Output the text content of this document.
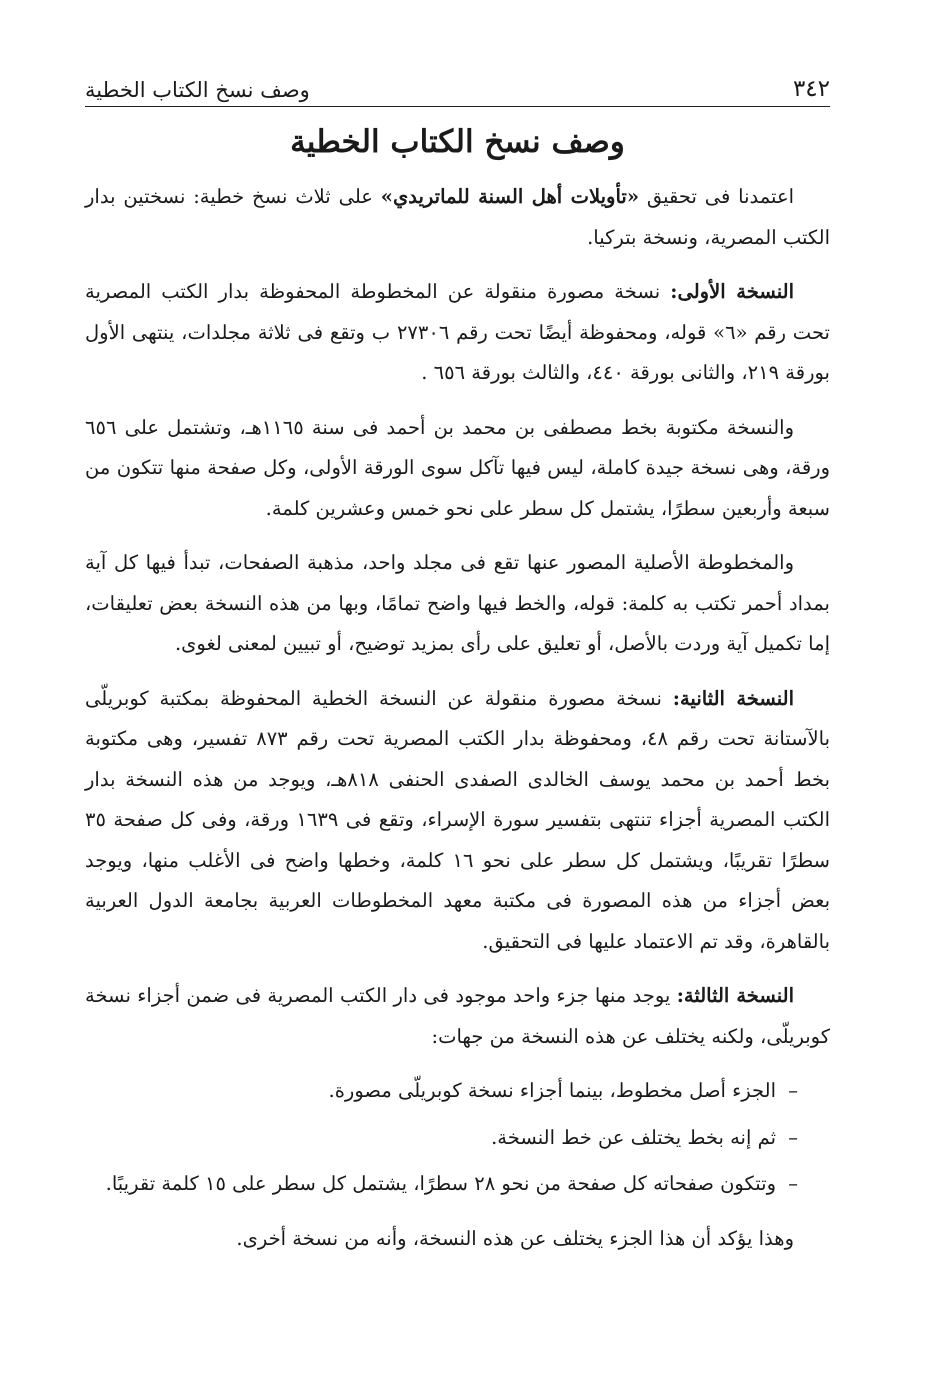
٣٤٢
وصف نسخ الكتاب الخطية
وصف نسخ الكتاب الخطية

اعتمدنا فى تحقيق «تأويلات أهل السنة للماتريدي» على ثلاث نسخ خطية: نسختين بدار الكتب المصرية، ونسخة بتركيا.

النسخة الأولى: نسخة مصورة منقولة عن المخطوطة المحفوظة بدار الكتب المصرية تحت رقم «٦» قوله، ومحفوظة أيضًا تحت رقم ٢٧٣٠٦ ب وتقع فى ثلاثة مجلدات، ينتهى الأول بورقة ٢١٩، والثانى بورقة ٤٤٠، والثالث بورقة ٦٥٦ .

والنسخة مكتوبة بخط مصطفى بن محمد بن أحمد فى سنة ١١٦٥هـ، وتشتمل على ٦٥٦ ورقة، وهى نسخة جيدة كاملة، ليس فيها تآكل سوى الورقة الأولى، وكل صفحة منها تتكون من سبعة وأربعين سطرًا، يشتمل كل سطر على نحو خمس وعشرين كلمة.

والمخطوطة الأصلية المصور عنها تقع فى مجلد واحد، مذهبة الصفحات، تبدأ فيها كل آية بمداد أحمر تكتب به كلمة: قوله، والخط فيها واضح تمامًا، وبها من هذه النسخة بعض تعليقات، إما تكميل آية وردت بالأصل، أو تعليق على رأى بمزيد توضيح، أو تبيين لمعنى لغوى.

النسخة الثانية: نسخة مصورة منقولة عن النسخة الخطية المحفوظة بمكتبة كوبريلّى بالآستانة تحت رقم ٤٨، ومحفوظة بدار الكتب المصرية تحت رقم ٨٧٣ تفسير، وهى مكتوبة بخط أحمد بن محمد يوسف الخالدى الصفدى الحنفى ٨١٨هـ، ويوجد من هذه النسخة بدار الكتب المصرية أجزاء تنتهى بتفسير سورة الإسراء، وتقع فى ١٦٣٩ ورقة، وفى كل صفحة ٣٥ سطرًا تقريبًا، ويشتمل كل سطر على نحو ١٦ كلمة، وخطها واضح فى الأغلب منها، ويوجد بعض أجزاء من هذه المصورة فى مكتبة معهد المخطوطات العربية بجامعة الدول العربية بالقاهرة، وقد تم الاعتماد عليها فى التحقيق.

النسخة الثالثة: يوجد منها جزء واحد موجود فى دار الكتب المصرية فى ضمن أجزاء نسخة كوبريلّى، ولكنه يختلف عن هذه النسخة من جهات:

–الجزء أصل مخطوط، بينما أجزاء نسخة كوبريلّى مصورة.
–ثم إنه بخط يختلف عن خط النسخة.
–وتتكون صفحاته كل صفحة من نحو ٢٨ سطرًا، يشتمل كل سطر على ١٥ كلمة تقريبًا.

وهذا يؤكد أن هذا الجزء يختلف عن هذه النسخة، وأنه من نسخة أخرى.
